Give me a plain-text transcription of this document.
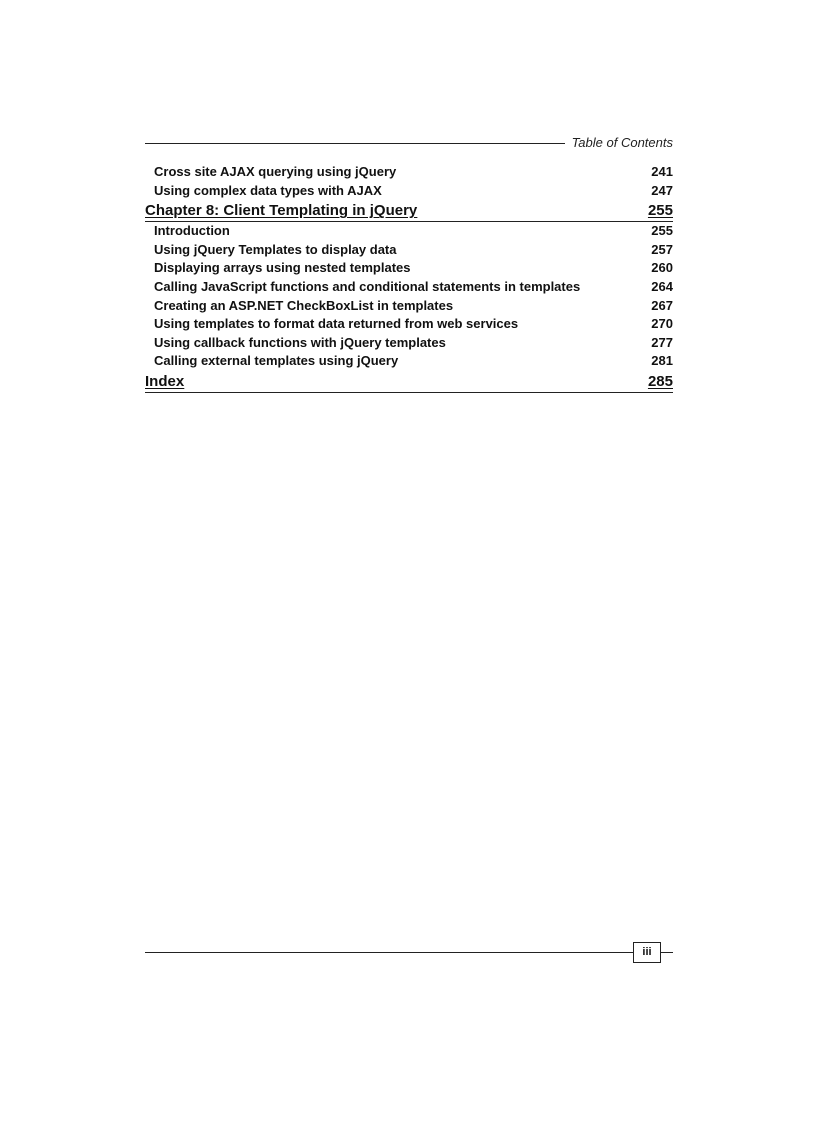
Table of Contents
Cross site AJAX querying using jQuery	241
Using complex data types with AJAX	247
Chapter 8: Client Templating in jQuery	255
Introduction	255
Using jQuery Templates to display data	257
Displaying arrays using nested templates	260
Calling JavaScript functions and conditional statements in templates	264
Creating an ASP.NET CheckBoxList in templates	267
Using templates to format data returned from web services	270
Using callback functions with jQuery templates	277
Calling external templates using jQuery	281
Index	285
iii
